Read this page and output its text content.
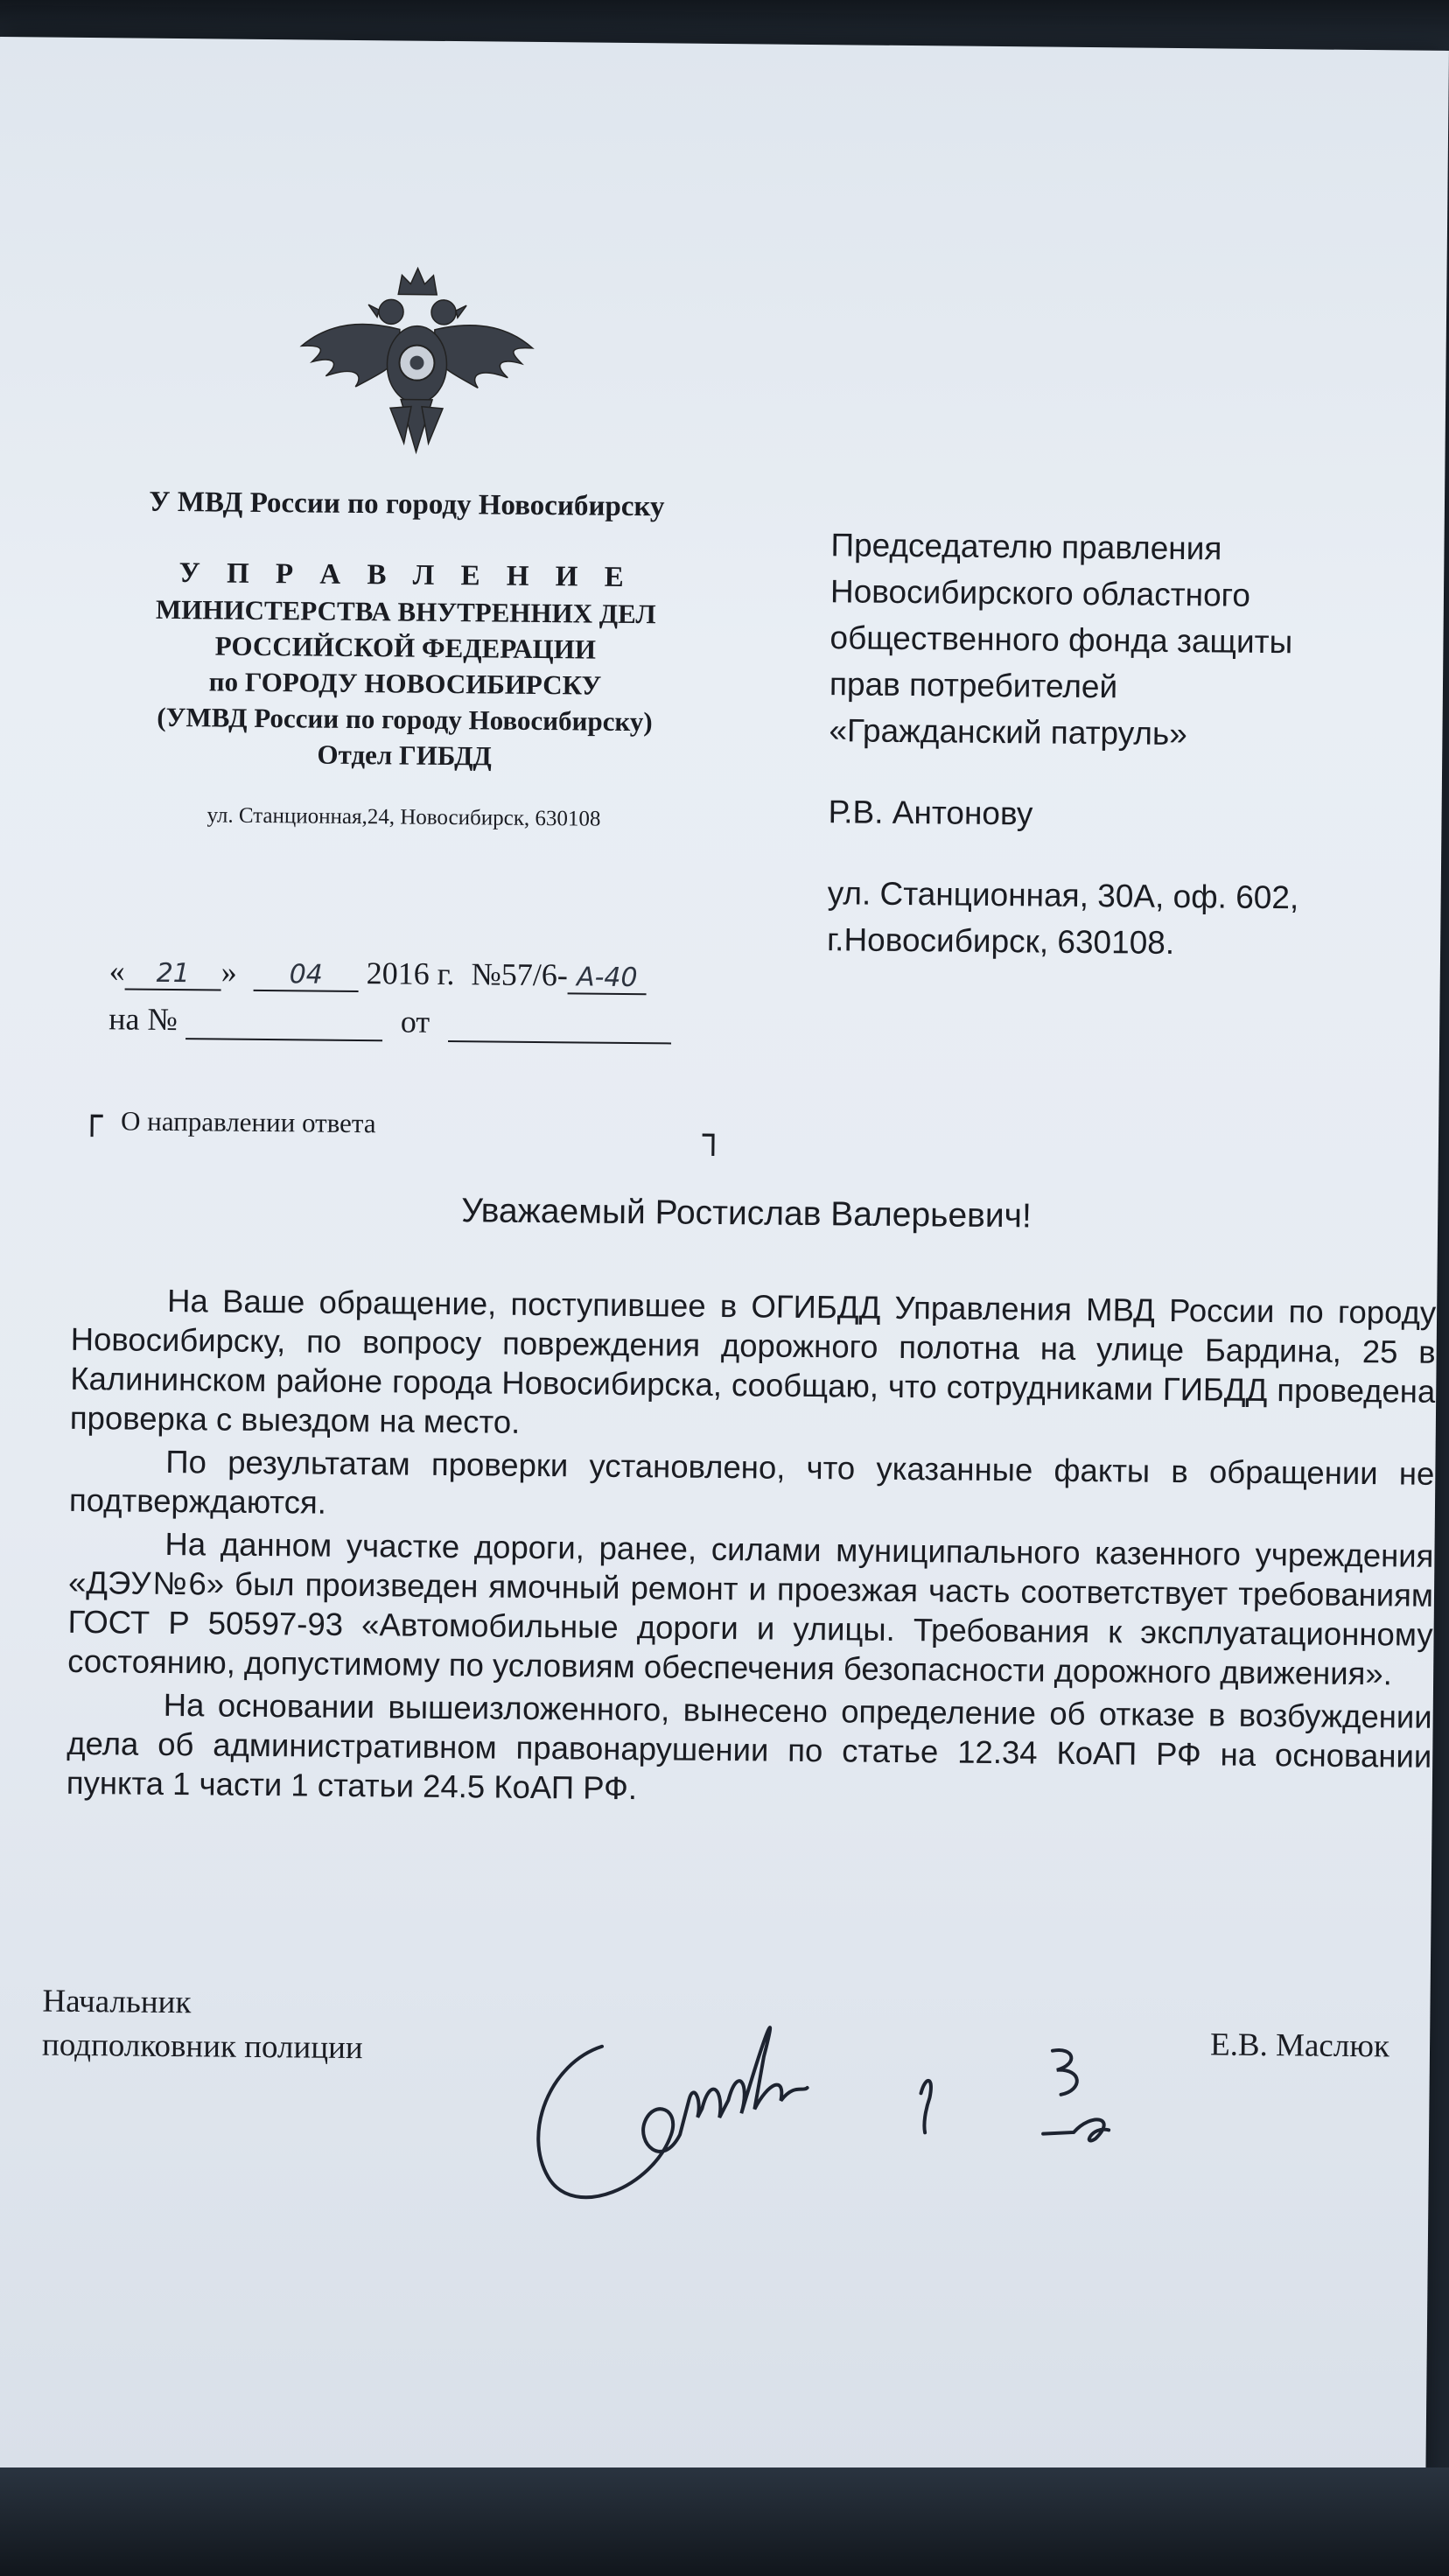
У МВД России по городу Новосибирску
У П Р А В Л Е Н И Е
МИНИСТЕРСТВА ВНУТРЕННИХ ДЕЛ
РОССИЙСКОЙ ФЕДЕРАЦИИ
по ГОРОДУ НОВОСИБИРСКУ
(УМВД России по городу Новосибирску)
Отдел ГИБДД
ул. Станционная,24, Новосибирск, 630108
Председателю правления
Новосибирского областного
общественного фонда защиты
прав потребителей
«Гражданский патруль»
Р.В. Антонову
ул. Станционная, 30А, оф. 602,
г.Новосибирск, 630108.
« 21 » 04 2016 г. №57/6- А-40
на №	от
┌ О направлении ответа	┐
Уважаемый Ростислав Валерьевич!

На Ваше обращение, поступившее в ОГИБДД Управления МВД России по городу Новосибирску, по вопросу повреждения дорожного полотна на улице Бардина, 25 в Калининском районе города Новосибирска, сообщаю, что сотрудниками ГИБДД проведена проверка с выездом на место.

По результатам проверки установлено, что указанные факты в обращении не подтверждаются.

На данном участке дороги, ранее, силами муниципального казенного учреждения «ДЭУ№6» был произведен ямочный ремонт и проезжая часть соответствует требованиям ГОСТ Р 50597-93 «Автомобильные дороги и улицы. Требования к эксплуатационному состоянию, допустимому по условиям обеспечения безопасности дорожного движения».

На основании вышеизложенного, вынесено определение об отказе в возбуждении дела об административном правонарушении по статье 12.34 КоАП РФ на основании пункта 1 части 1 статьи 24.5 КоАП РФ.

Начальник
подполковник полиции	Е.В. Маслюк
